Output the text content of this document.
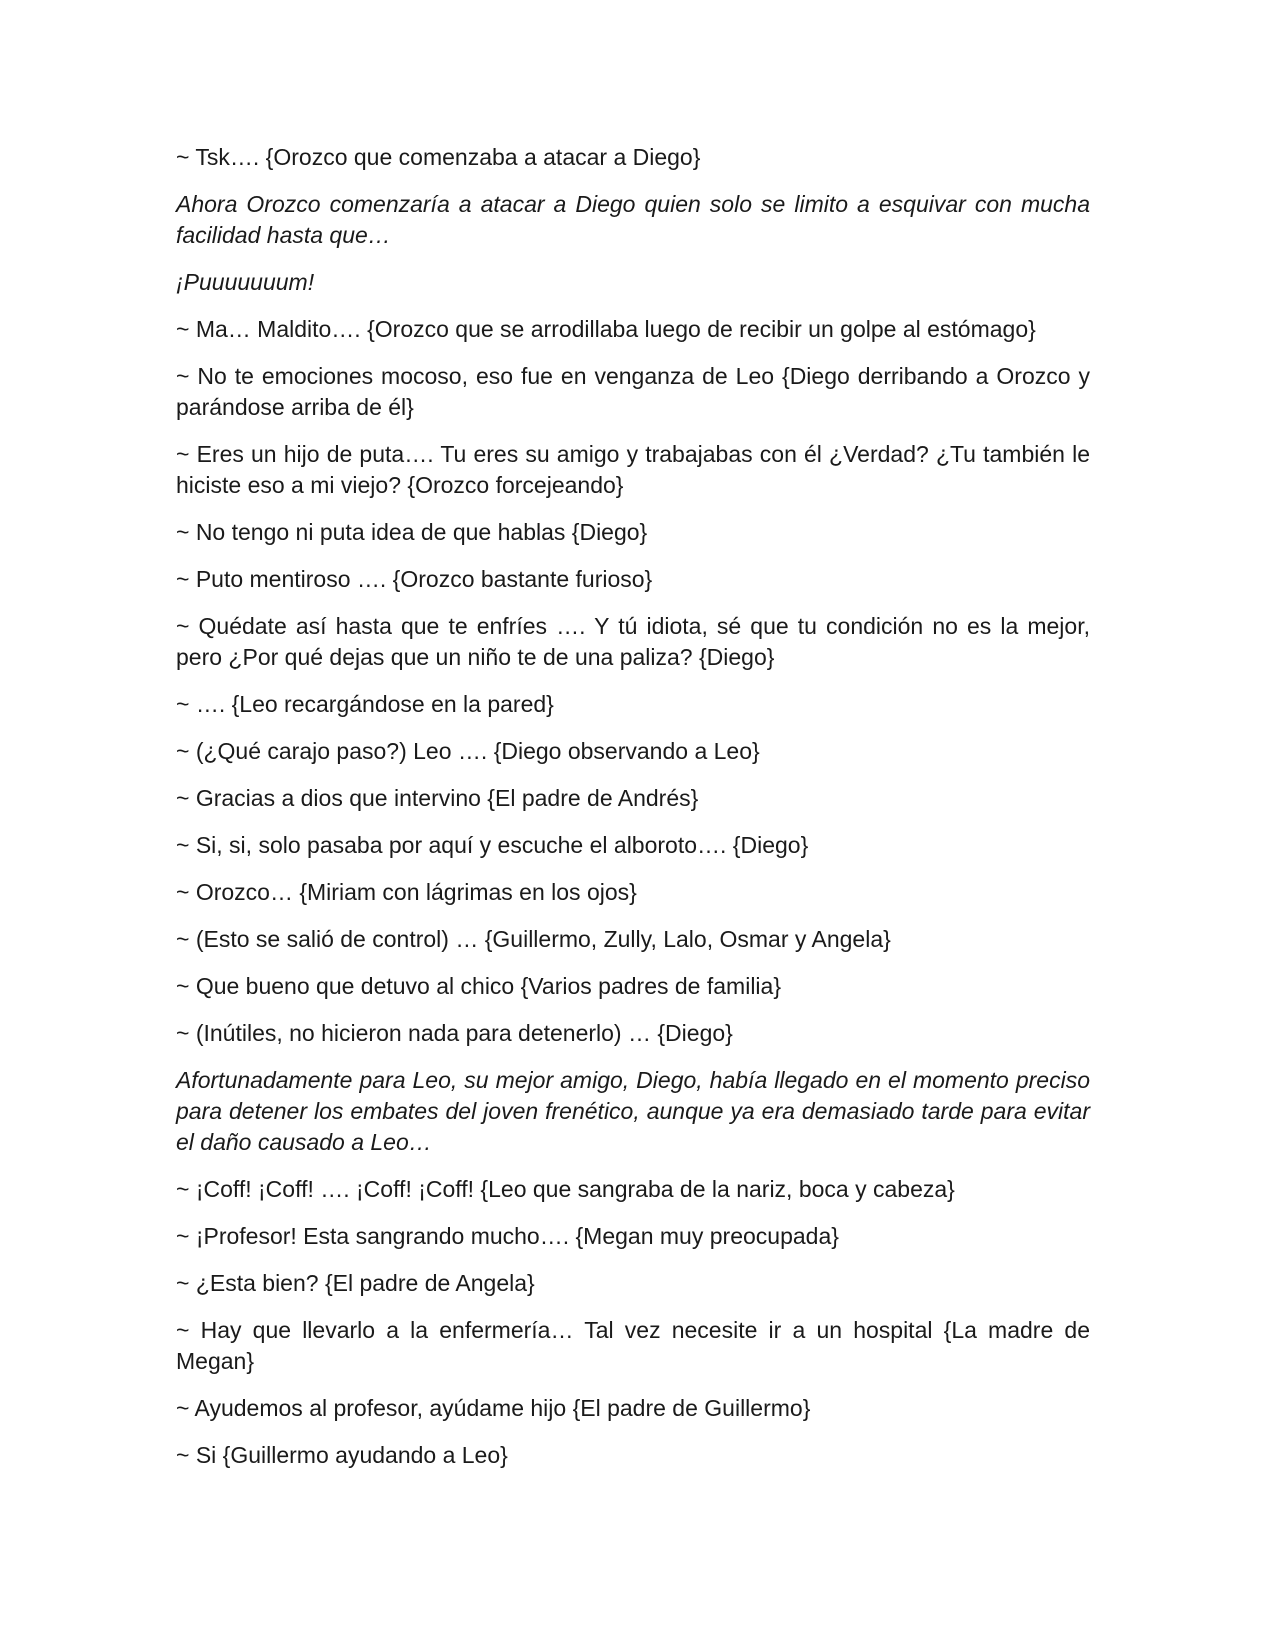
~ Tsk…. {Orozco que comenzaba a atacar a Diego}

Ahora Orozco comenzaría a atacar a Diego quien solo se limito a esquivar con mucha facilidad hasta que…

¡Puuuuuuum!

~ Ma… Maldito…. {Orozco que se arrodillaba luego de recibir un golpe al estómago}

~ No te emociones mocoso, eso fue en venganza de Leo {Diego derribando a Orozco y parándose arriba de él}

~ Eres un hijo de puta…. Tu eres su amigo y trabajabas con él ¿Verdad? ¿Tu también le hiciste eso a mi viejo? {Orozco forcejeando}

~ No tengo ni puta idea de que hablas {Diego}

~ Puto mentiroso …. {Orozco bastante furioso}

~ Quédate así hasta que te enfríes …. Y tú idiota, sé que tu condición no es la mejor, pero ¿Por qué dejas que un niño te de una paliza? {Diego}

~ …. {Leo recargándose en la pared}

~ (¿Qué carajo paso?) Leo …. {Diego observando a Leo}

~ Gracias a dios que intervino {El padre de Andrés}

~ Si, si, solo pasaba por aquí y escuche el alboroto…. {Diego}

~ Orozco… {Miriam con lágrimas en los ojos}

~ (Esto se salió de control) … {Guillermo, Zully, Lalo, Osmar y Angela}

~ Que bueno que detuvo al chico {Varios padres de familia}

~ (Inútiles, no hicieron nada para detenerlo) … {Diego}

Afortunadamente para Leo, su mejor amigo, Diego, había llegado en el momento preciso para detener los embates del joven frenético, aunque ya era demasiado tarde para evitar el daño causado a Leo…

~ ¡Coff! ¡Coff! …. ¡Coff! ¡Coff! {Leo que sangraba de la nariz, boca y cabeza}

~ ¡Profesor! Esta sangrando mucho…. {Megan muy preocupada}

~ ¿Esta bien? {El padre de Angela}

~ Hay que llevarlo a la enfermería… Tal vez necesite ir a un hospital {La madre de Megan}

~ Ayudemos al profesor, ayúdame hijo {El padre de Guillermo}

~ Si {Guillermo ayudando a Leo}
